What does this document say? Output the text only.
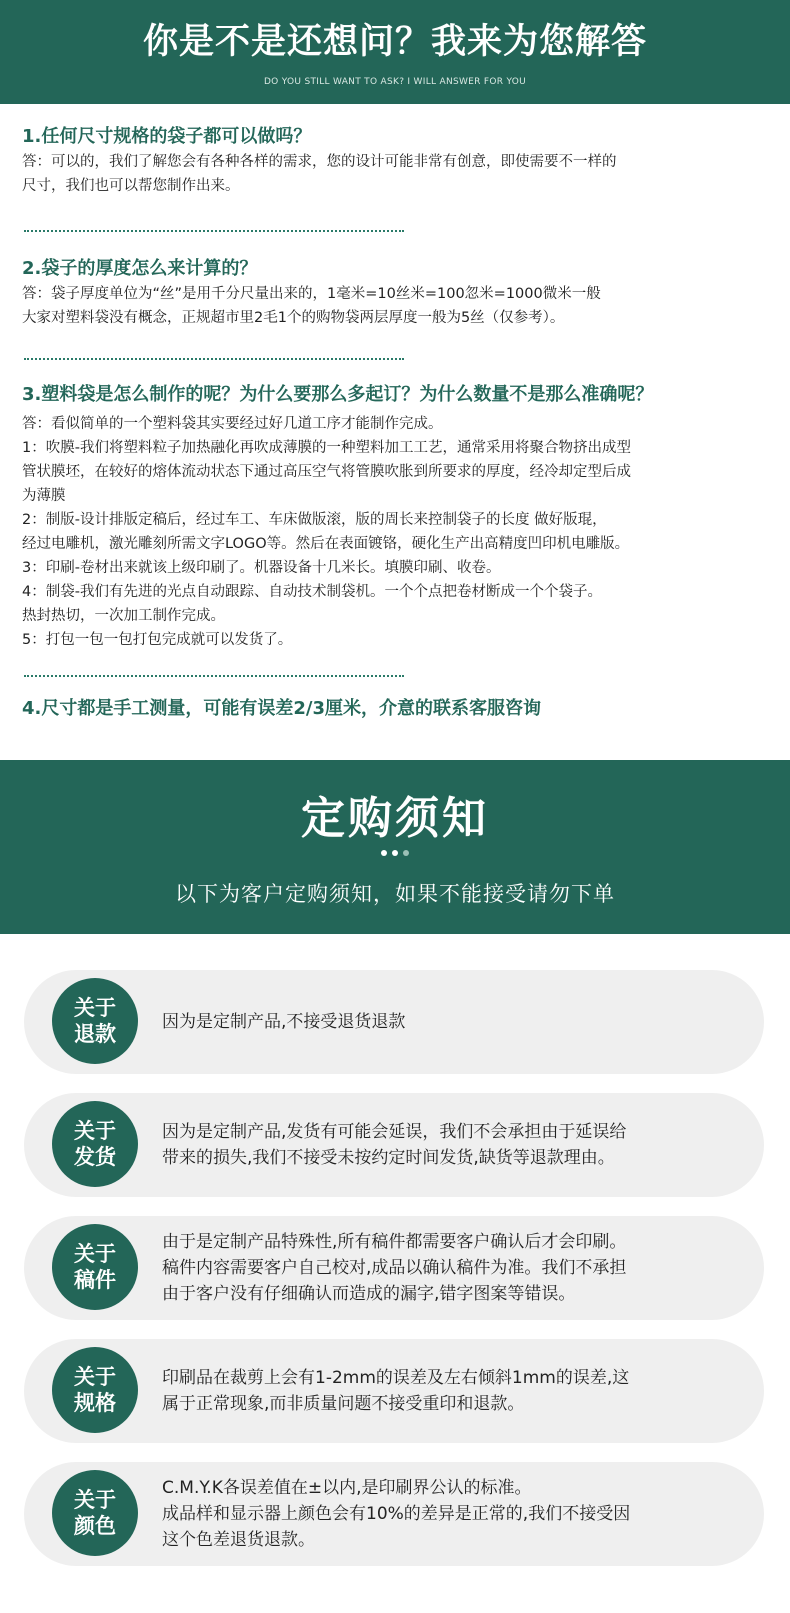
你是不是还想问？我来为您解答
DO YOU STILL WANT TO ASK? I WILL ANSWER FOR YOU
1.任何尺寸规格的袋子都可以做吗？

答：可以的，我们了解您会有各种各样的需求，您的设计可能非常有创意，即使需要不一样的

尺寸，我们也可以帮您制作出来。

2.袋子的厚度怎么来计算的？

答：袋子厚度单位为“丝”是用千分尺量出来的，1毫米=10丝米=100忽米=1000微米一般

大家对塑料袋没有概念，正规超市里2毛1个的购物袋两层厚度一般为5丝（仅参考）。

3.塑料袋是怎么制作的呢？为什么要那么多起订？为什么数量不是那么准确呢？

答：看似简单的一个塑料袋其实要经过好几道工序才能制作完成。

1：吹膜-我们将塑料粒子加热融化再吹成薄膜的一种塑料加工工艺，通常采用将聚合物挤出成型

管状膜坯，在较好的熔体流动状态下通过高压空气将管膜吹胀到所要求的厚度，经冷却定型后成

为薄膜

2：制版-设计排版定稿后，经过车工、车床做版滚，版的周长来控制袋子的长度 做好版琨，

经过电雕机，激光雕刻所需文字LOGO等。然后在表面镀铬，硬化生产出高精度凹印机电雕版。

3：印刷-卷材出来就该上级印刷了。机器设备十几米长。填膜印刷、收卷。

4：制袋-我们有先进的光点自动跟踪、自动技术制袋机。一个个点把卷材断成一个个袋子。

热封热切，一次加工制作完成。

5：打包一包一包打包完成就可以发货了。

4.尺寸都是手工测量，可能有误差2/3厘米，介意的联系客服咨询
定购须知
以下为客户定购须知，如果不能接受请勿下单
关于
退款	因为是定制产品,不接受退货退款

关于
发货

因为是定制产品,发货有可能会延误，我们不会承担由于延误给

带来的损失,我们不接受未按约定时间发货,缺货等退款理由。

关于
稿件

由于是定制产品特殊性,所有稿件都需要客户确认后才会印刷。

稿件内容需要客户自己校对,成品以确认稿件为准。我们不承担

由于客户没有仔细确认而造成的漏字,错字图案等错误。

关于
规格

印刷品在裁剪上会有1-2mm的误差及左右倾斜1mm的误差,这

属于正常现象,而非质量问题不接受重印和退款。

关于
颜色

C.M.Y.K各误差值在±以内,是印刷界公认的标准。

成品样和显示器上颜色会有10%的差异是正常的,我们不接受因

这个色差退货退款。
